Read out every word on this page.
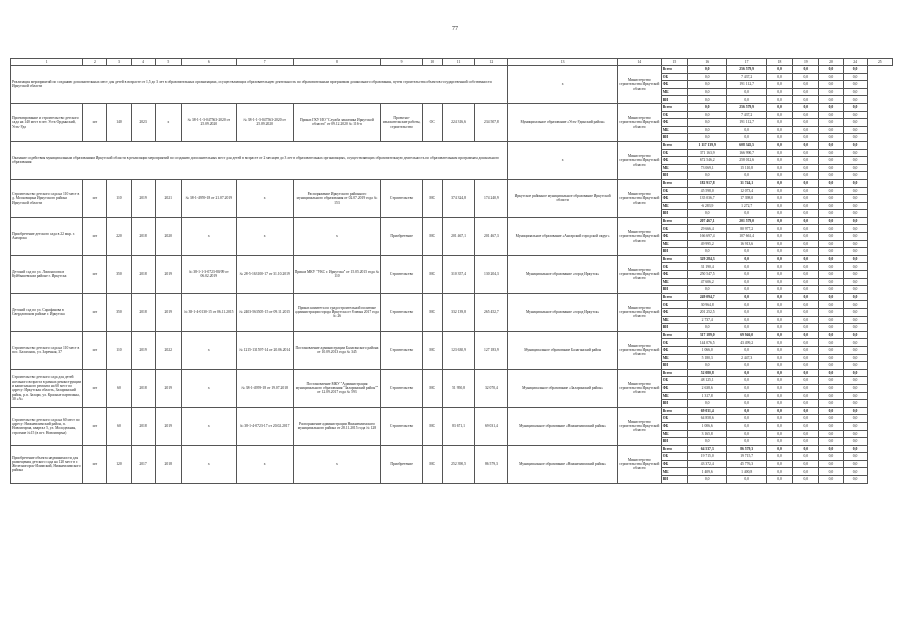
77
1	2	3	4	5	6	7	8	9	10	11	12	13	14	15	16	17	18	19	20	24	25
Реализация мероприятий по созданию дополнительных мест для детей в возрасте от 1,5 до 3 лет в образовательных организациях, осуществляющих образовательную деятельность по образовательным программам дошкольного образования, путем строительства объектов государственной собственности Иркутской области												х	Министерство строительства Иркутской области	Всего	0,0	256 579,9	0,0	0,0	0,0	0,0	
														ОБ	0,0	7 437,2	0,0	0,0	0,0	0,0	
														ФБ	0,0	191 112,7	0,0	0,0	0,0	0,0	
														МБ	0,0	0,0	0,0	0,0	0,0	0,0	
														ВИ	0,0	0,0	0,0	0,0	0,0	0,0	
Проектирование и строительство детского сада на 140 мест в пгт. Усть-Ордынский, Усть-Уда	шт	140	2023	х	№ 38-1-1-3-047563-2020 от 25.09.2020	№ 38-1-1-3-047563-2020 от 25.09.2020	Приказ ГКУ ИО "Служба заказчика Иркутской области" от 09.12.2020 № 116-п	Проектно-изыскательские работы, строительство	ОС	224 316,6	234 507,8	Муниципальное образование «Усть-Удинский район»	Министерство строительства Иркутской области	Всего	0,0	256 579,9	0,0	0,0	0,0	0,0	
														ОБ	0,0	7 437,2	0,0	0,0	0,0	0,0	
														ФБ	0,0	191 112,7	0,0	0,0	0,0	0,0	
														МБ	0,0	0,0	0,0	0,0	0,0	0,0	
														ВИ	0,0	0,0	0,0	0,0	0,0	0,0	
Оказание содействия муниципальным образованиям Иркутской области в реализации мероприятий по созданию дополнительных мест для детей в возрасте от 2 месяцев до 3 лет в образовательных организациях, осуществляющих образовательную деятельность по образовательным программам дошкольного образования												х	Министерство строительства Иркутской области	Всего	1 117 139,9	608 345,5	0,0	0,0	0,0	0,0	
														ОБ	371 163,9	166 990,7	0,0	0,0	0,0	0,0	
														ФБ	672 546,2	258 012,6	0,0	0,0	0,0	0,0	
														МБ	73 069,1	15 110,8	0,0	0,0	0,0	0,0	
														ВИ	0,0	0,0	0,0	0,0	0,0	0,0	
Строительство детского сада на 110 мест в д. Московщина Иркутского района Иркутской области	шт	110	2019	2021	№ 38-1-4959-18 от 21.07.2019	х	Распоряжение Иркутского районного муниципального образования от 02.07.2019 года № 153	Строительство	МС	374 324,8	174 240,9	Иркутское районное муниципальное образование Иркутской области	Министерство строительства Иркутской области	Всего	182 917,8	31 744,1	0,0	0,0	0,0	0,0	
														ОБ	45 598,0	12 073,4	0,0	0,0	0,0	0,0	
														ФБ	135 036,7	17 398,0	0,0	0,0	0,0	0,0	
														МБ	-6 283,9	1 272,7	0,0	0,0	0,0	0,0	
														ВИ	0,0	0,0	0,0	0,0	0,0	0,0	
Приобретение детского сада в 22 мкр. г. Ангарска	шт	220	2018	2020	х	х	х	Приобретение	МС	201 467,1	201 467,3	Муниципальное образование «Ангарский городской округ»	Министерство строительства Иркутской области	Всего	207 467,1	201 579,0	0,0	0,0	0,0	0,0	
														ОБ	29 666,4	80 977,2	0,0	0,0	0,0	0,0	
														ФБ	166 697,4	107 661,4	0,0	0,0	0,0	0,0	
														МБ	49 995,2	16 913,6	0,0	0,0	0,0	0,0	
														ВИ	0,0	0,0	0,0	0,0	0,0	0,0	
Детский сад по ул. Ломоносова в Куйбышевском районе г. Иркутска	шт	350	2018	2019	№ 38-1-1-3-0723-80/09 от 06.02.2019	№ 28-5-163100-17 от 31.10.2019	Приказ МКУ "УКС г. Иркутска" от 15.05.2015 года № 110	Строительство	МС	310 357,4	130 204,3	Муниципальное образование «город Иркутск»	Министерство строительства Иркутской области	Всего	329 284,3	0,0	0,0	0,0	0,0	0,0	
														ОБ	31 190,4	0,0	0,0	0,0	0,0	0,0	
														ФБ	250 547,5	0,0	0,0	0,0	0,0	0,0	
														МБ	47 606,2	0,0	0,0	0,0	0,0	0,0	
														ВИ	0,0	0,0	0,0	0,0	0,0	0,0	
Детский сад по ул. Сарафанова в Свердловском районе г. Иркутска	шт	350	2018	2019	№ 38-1-4-0130-15 от 06.11.2015	№ 2403-563505-15 от 09.11.2015	Приказ комитета по градостроительной политике администрации города Иркутска от 8 июня 2017 года № 26	Строительство	МС	332 139,8	265 452,7	Муниципальное образование «город Иркутск»	Министерство строительства Иркутской области	Всего	249 094,7	0,0	0,0	0,0	0,0	0,0	
														ОБ	30 964,8	0,0	0,0	0,0	0,0	0,0	
														ФБ	201 252,5	0,0	0,0	0,0	0,0	0,0	
														МБ	2 737,4	0,0	0,0	0,0	0,0	0,0	
														ВИ	0,0	0,0	0,0	0,0	0,0	0,0	
Строительство детского сада на 110 мест в пос. Балаганск, ул. Заречная, 37	шт	110	2019	2022	х	№ 1215-131597-14 от 20.06.2014	Постановление администрации Балаганского района от 10.09.2013 года № 345	Строительство	МС	123 630,9	127 183,9	Муниципальное образование Балаганский район	Министерство строительства Иркутской области	Всего	317 189,0	69 946,0	0,0	0,0	0,0	0,0	
														ОБ	144 076,5	43 499,2	0,0	0,0	0,0	0,0	
														ФБ	1 066,0	0,0	0,0	0,0	0,0	0,0	
														МБ	5 180,3	2 447,3	0,0	0,0	0,0	0,0	
														ВИ	0,0	0,0	0,0	0,0	0,0	0,0	
Строительство детского сада для детей ясельного возраста в рамках реконструкции и капитального ремонта на 60 мест по адресу: Иркутская область, Заларинский район, р.п. Залари, ул. Красные партизаны, 30 «А»	шт	60	2018	2019	х	№ 38-1-4959-18 от 19.07.2018	Постановление МКУ "Администрация муниципального образования "Заларинский район"" от 12.09.2017 года № 593	Строительство	МС	51 950,8	32 070,4	Муниципальное образование «Заларинский район»	Министерство строительства Иркутской области	Всего	52 080,8	0,0	0,0	0,0	0,0	0,0	
														ОБ	48 125,1	0,0	0,0	0,0	0,0	0,0	
														ФБ	2 638,6	0,0	0,0	0,0	0,0	0,0	
														МБ	1 317,8	0,0	0,0	0,0	0,0	0,0	
														ВИ	0,0	0,0	0,0	0,0	0,0	0,0	
Строительство детского сада на 60 мест по адресу: Нижнеилимский район, п. Новоигирма, квартал 5, ул. Молодежная, строение №15 (в пгт. Новоигирма)	шт	60	2018	2019	х	№ 38-1-4-0723-17 от 20.02.2017	Распоряжение администрации Нижнеилимского муниципального района от 28.11.2015 года № 128	Строительство	МС	83 671,1	69 031,4	Муниципальное образование «Нижнеилимский район»	Министерство строительства Иркутской области	Всего	69 031,4	0,0	0,0	0,0	0,0	0,0	
														ОБ	64 858,6	0,0	0,0	0,0	0,0	0,0	
														ФБ	1 006,6	0,0	0,0	0,0	0,0	0,0	
														МБ	3 165,8	0,0	0,0	0,0	0,0	0,0	
														ВИ	0,0	0,0	0,0	0,0	0,0	0,0	
Приобретение объекта недвижимости для размещения детского сада на 120 мест в г. Железногорск-Илимский, Нижнеилимского района	шт	120	2017	2018	х	х	х	Приобретение	МС	252 390,5	86 579,3	Муниципальное образование «Нижнеилимский район»	Министерство строительства Иркутской области	Всего	64 537,3	86 579,3	0,0	0,0	0,0	0,0	
														ОБ	19 715,0	19 715,7	0,0	0,0	0,0	0,0	
														ФБ	43 372,4	45 776,3	0,0	0,0	0,0	0,0	
														МБ	1 409,6	1 400,8	0,0	0,0	0,0	0,0	
														ВИ	0,0	0,0	0,0	0,0	0,0	0,0	
